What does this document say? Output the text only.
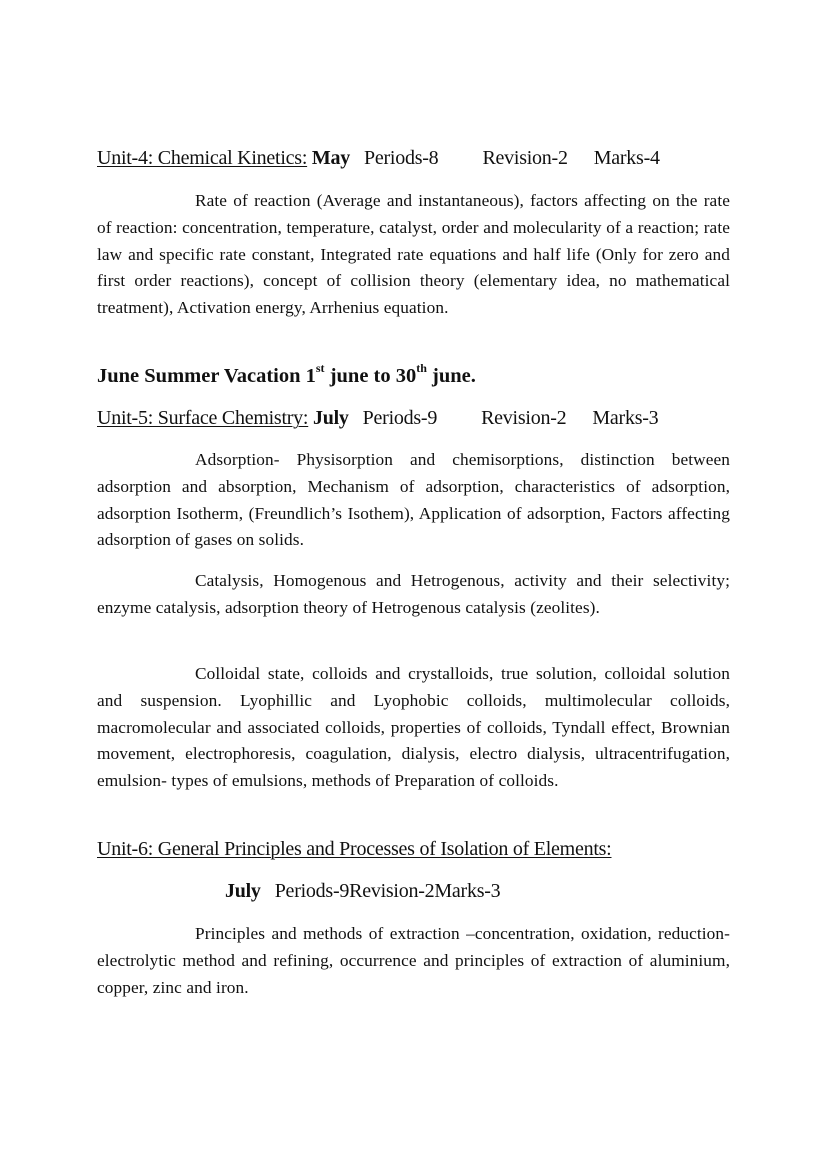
Unit-4: Chemical Kinetics: May Periods-8 Revision-2 Marks-4

Rate of reaction (Average and instantaneous), factors affecting on the rate of reaction: concentration, temperature, catalyst, order and molecularity of a reaction; rate law and specific rate constant, Integrated rate equations and half life (Only for zero and first order reactions), concept of collision theory (elementary idea, no mathematical treatment), Activation energy, Arrhenius equation.

June Summer Vacation 1st june to 30th june.
Unit-5: Surface Chemistry: July Periods-9 Revision-2 Marks-3

Adsorption- Physisorption and chemisorptions, distinction between adsorption and absorption, Mechanism of adsorption, characteristics of adsorption, adsorption Isotherm, (Freundlich’s Isothem), Application of adsorption, Factors affecting adsorption of gases on solids.

Catalysis, Homogenous and Hetrogenous, activity and their selectivity; enzyme catalysis, adsorption theory of Hetrogenous catalysis (zeolites).

Colloidal state, colloids and crystalloids, true solution, colloidal solution and suspension. Lyophillic and Lyophobic colloids, multimolecular colloids, macromolecular and associated colloids, properties of colloids, Tyndall effect, Brownian movement, electrophoresis, coagulation, dialysis, electro dialysis, ultracentrifugation, emulsion- types of emulsions, methods of Preparation of colloids.

Unit-6: General Principles and Processes of Isolation of Elements:
July Periods-9Revision-2Marks-3

Principles and methods of extraction –concentration, oxidation, reduction- electrolytic method and refining, occurrence and principles of extraction of aluminium, copper, zinc and iron.
